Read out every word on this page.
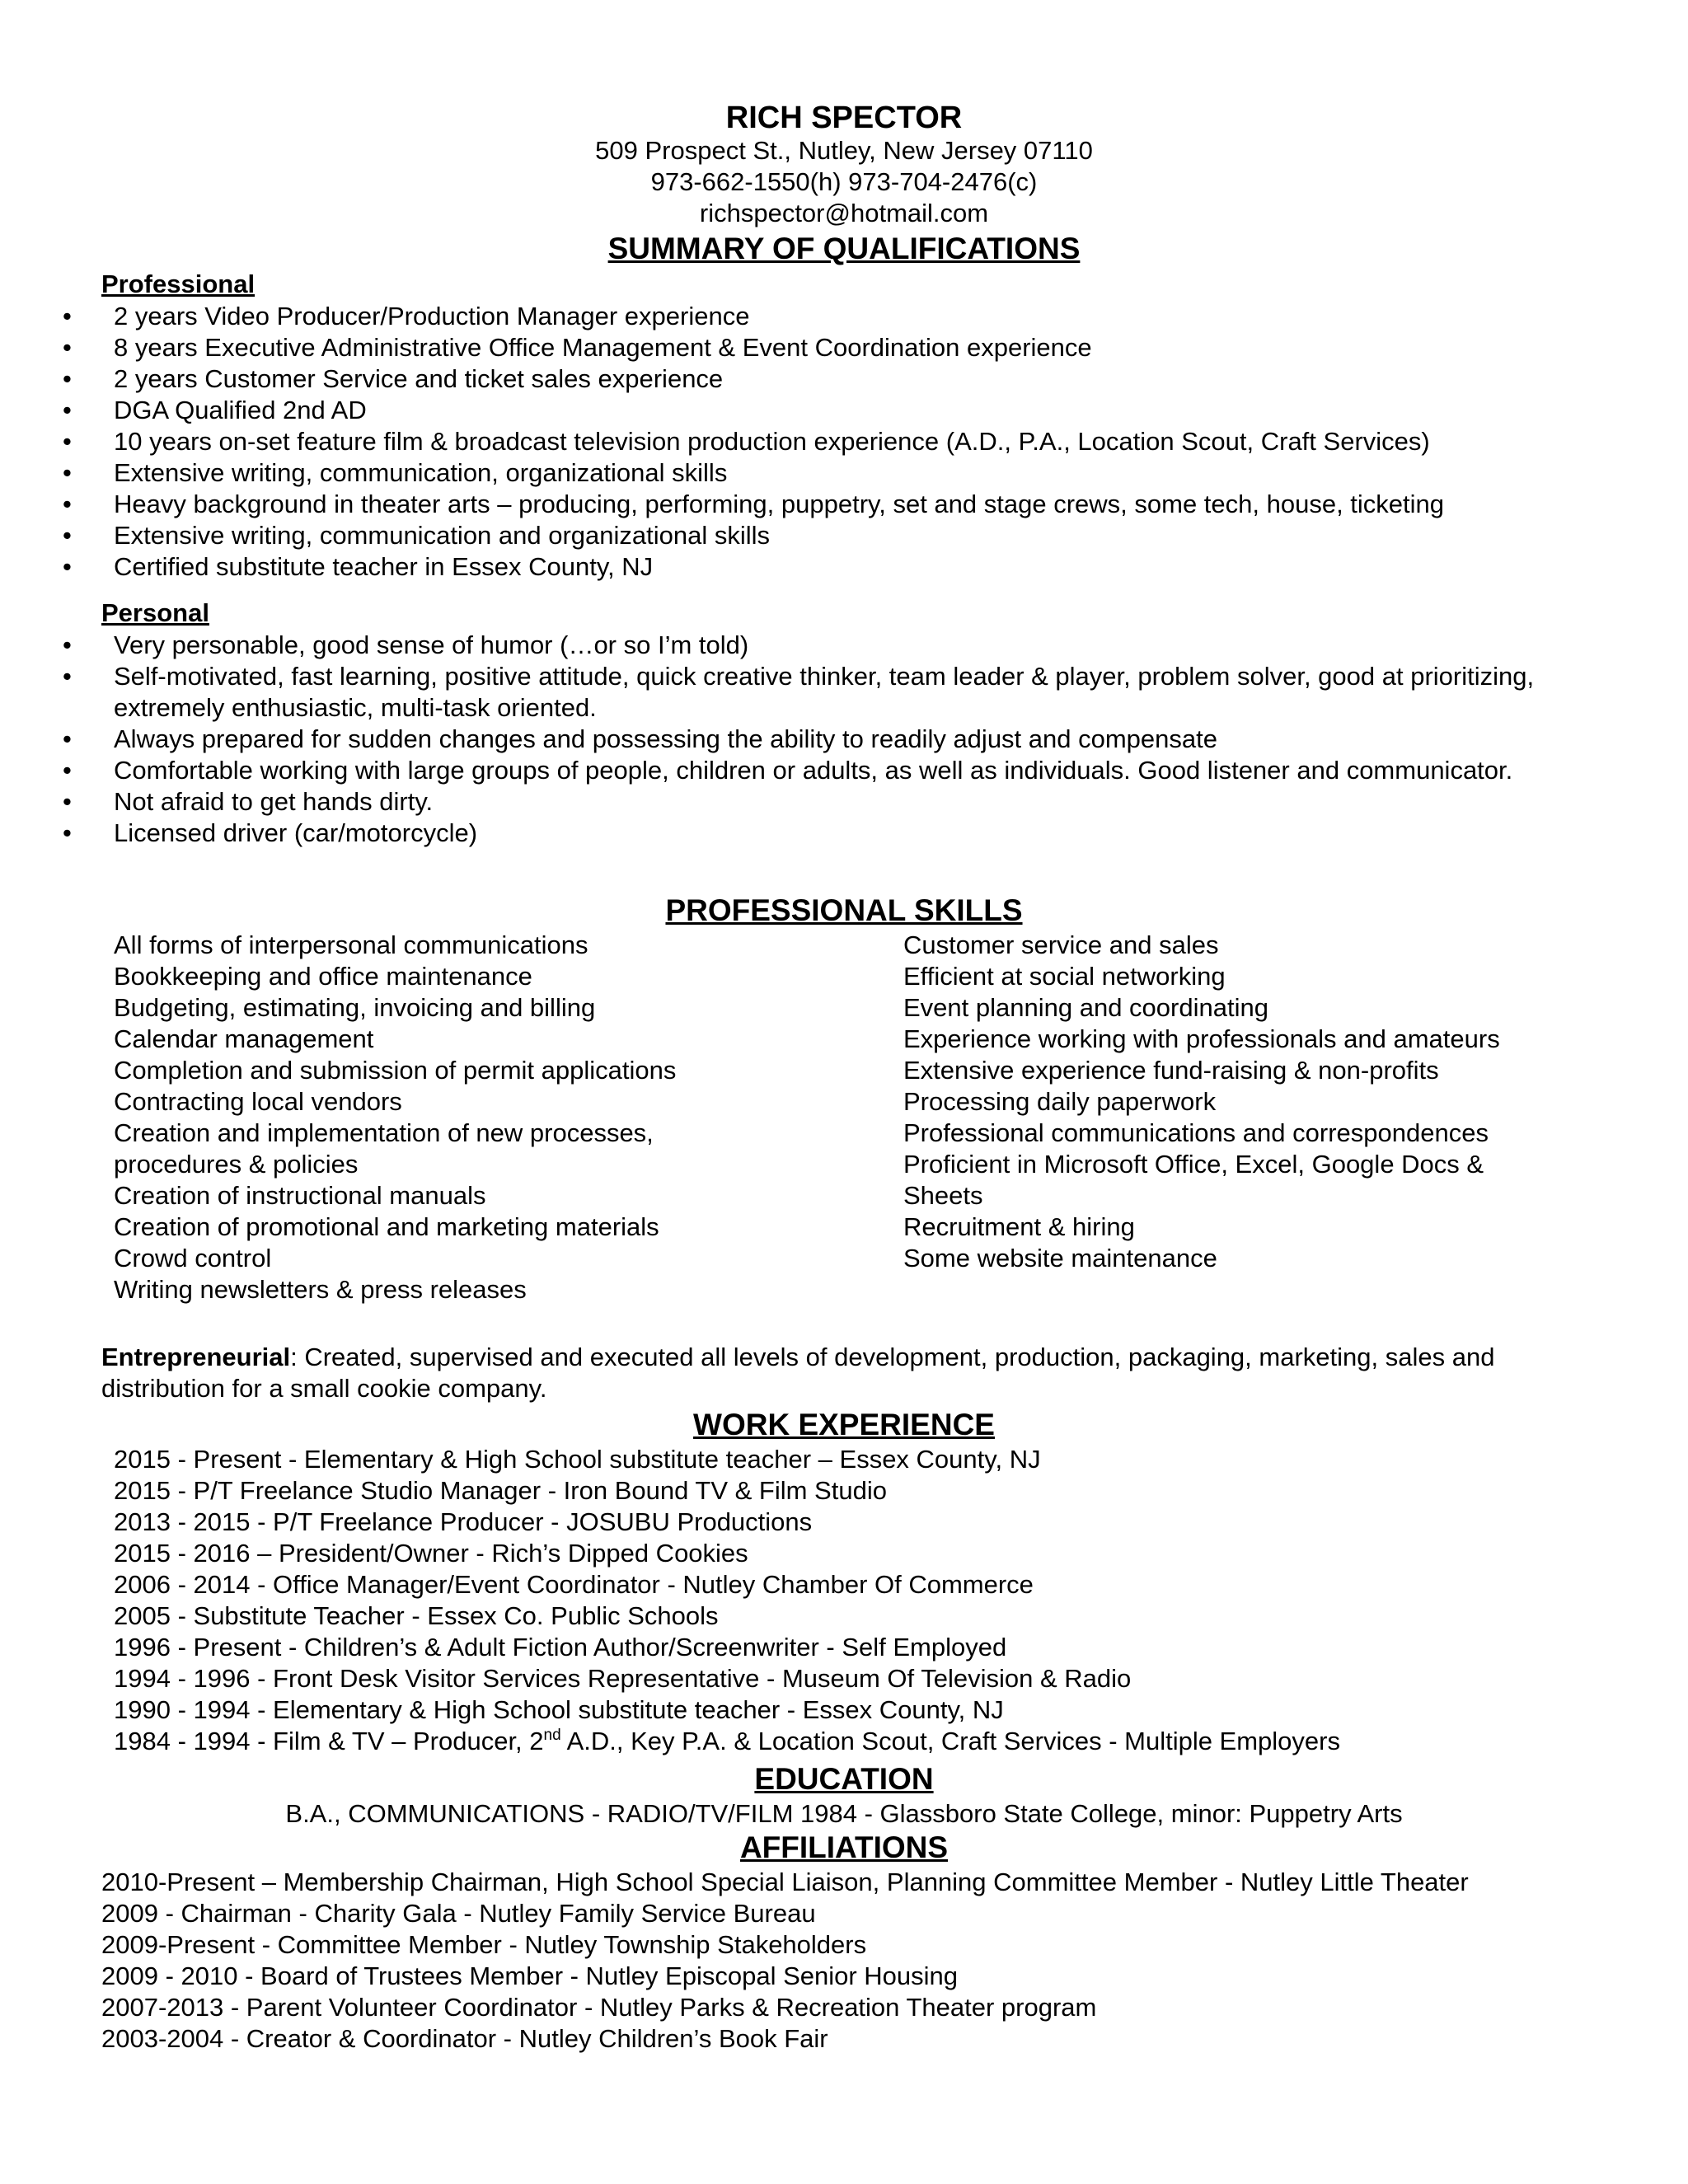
RICH SPECTOR
509 Prospect St., Nutley, New Jersey 07110
973-662-1550(h) 973-704-2476(c)
richspector@hotmail.com
SUMMARY OF QUALIFICATIONS
Professional
• 2 years Video Producer/Production Manager experience
• 8 years Executive Administrative Office Management & Event Coordination experience
• 2 years Customer Service and ticket sales experience
• DGA Qualified 2nd AD
• 10 years on-set feature film & broadcast television production experience (A.D., P.A., Location Scout, Craft Services)
• Extensive writing, communication, organizational skills
• Heavy background in theater arts – producing, performing, puppetry, set and stage crews, some tech, house, ticketing
• Extensive writing, communication and organizational skills
• Certified substitute teacher in Essex County, NJ
Personal
• Very personable, good sense of humor (…or so I’m told)
• Self-motivated, fast learning, positive attitude, quick creative thinker, team leader & player, problem solver, good at prioritizing, extremely enthusiastic, multi-task oriented.
• Always prepared for sudden changes and possessing the ability to readily adjust and compensate
• Comfortable working with large groups of people, children or adults, as well as individuals. Good listener and communicator.
• Not afraid to get hands dirty.
• Licensed driver (car/motorcycle)
PROFESSIONAL SKILLS
All forms of interpersonal communications
Bookkeeping and office maintenance
Budgeting, estimating, invoicing and billing
Calendar management
Completion and submission of permit applications
Contracting local vendors
Creation and implementation of new processes, procedures & policies
Creation of instructional manuals
Creation of promotional and marketing materials
Crowd control
Writing newsletters & press releases
Customer service and sales
Efficient at social networking
Event planning and coordinating
Experience working with professionals and amateurs
Extensive experience fund-raising & non-profits
Processing daily paperwork
Professional communications and correspondences
Proficient in Microsoft Office, Excel, Google Docs & Sheets
Recruitment & hiring
Some website maintenance
Entrepreneurial: Created, supervised and executed all levels of development, production, packaging, marketing, sales and distribution for a small cookie company.
WORK EXPERIENCE
2015 - Present - Elementary & High School substitute teacher – Essex County, NJ
2015 - P/T Freelance Studio Manager - Iron Bound TV & Film Studio
2013 - 2015 - P/T Freelance Producer - JOSUBU Productions
2015 - 2016 – President/Owner - Rich’s Dipped Cookies
2006 - 2014 - Office Manager/Event Coordinator - Nutley Chamber Of Commerce
2005 - Substitute Teacher - Essex Co. Public Schools
1996 - Present - Children’s & Adult Fiction Author/Screenwriter - Self Employed
1994 - 1996 - Front Desk Visitor Services Representative - Museum Of Television & Radio
1990 - 1994 - Elementary & High School substitute teacher - Essex County, NJ
1984 - 1994 - Film & TV – Producer, 2nd A.D., Key P.A. & Location Scout, Craft Services - Multiple Employers
EDUCATION
B.A., COMMUNICATIONS - RADIO/TV/FILM 1984 - Glassboro State College, minor: Puppetry Arts
AFFILIATIONS
2010-Present – Membership Chairman, High School Special Liaison, Planning Committee Member - Nutley Little Theater
2009 - Chairman - Charity Gala - Nutley Family Service Bureau
2009-Present - Committee Member - Nutley Township Stakeholders
2009 - 2010 - Board of Trustees Member - Nutley Episcopal Senior Housing
2007-2013 - Parent Volunteer Coordinator - Nutley Parks & Recreation Theater program
2003-2004 - Creator & Coordinator - Nutley Children’s Book Fair
